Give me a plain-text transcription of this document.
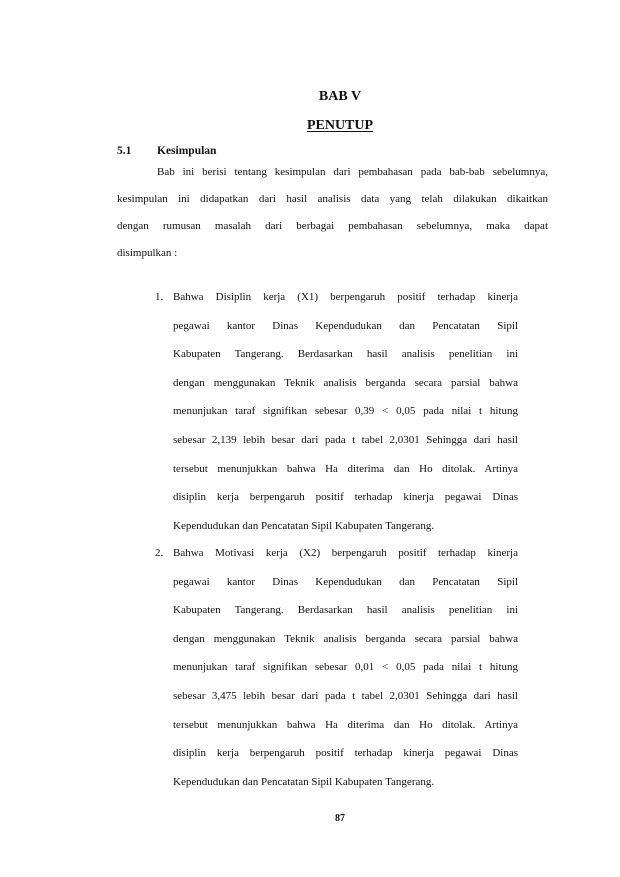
BAB V
PENUTUP
5.1 Kesimpulan
Bab ini berisi tentang kesimpulan dari pembahasan pada bab-bab sebelumnya,
kesimpulan ini didapatkan dari hasil analisis data yang telah dilakukan dikaitkan
dengan rumusan masalah dari berbagai pembahasan sebelumnya, maka dapat
disimpulkan :
1. Bahwa Disiplin kerja (X1) berpengaruh positif terhadap kinerja
pegawai kantor Dinas Kependudukan dan Pencatatan Sipil
Kabupaten Tangerang. Berdasarkan hasil analisis penelitian ini
dengan menggunakan Teknik analisis berganda secara parsial bahwa
menunjukan taraf signifikan sebesar 0,39 < 0,05 pada nilai t hitung
sebesar 2,139 lebih besar dari pada t tabel 2,0301 Sehingga dari hasil
tersebut menunjukkan bahwa Ha diterima dan Ho ditolak. Artinya
disiplin kerja berpengaruh positif terhadap kinerja pegawai Dinas
Kependudukan dan Pencatatan Sipil Kabupaten Tangerang.
2. Bahwa Motivasi kerja (X2) berpengaruh positif terhadap kinerja
pegawai kantor Dinas Kependudukan dan Pencatatan Sipil
Kabupaten Tangerang. Berdasarkan hasil analisis penelitian ini
dengan menggunakan Teknik analisis berganda secara parsial bahwa
menunjukan taraf signifikan sebesar 0,01 < 0,05 pada nilai t hitung
sebesar 3,475 lebih besar dari pada t tabel 2,0301 Sehingga dari hasil
tersebut menunjukkan bahwa Ha diterima dan Ho ditolak. Artinya
disiplin kerja berpengaruh positif terhadap kinerja pegawai Dinas
Kependudukan dan Pencatatan Sipil Kabupaten Tangerang.
87
